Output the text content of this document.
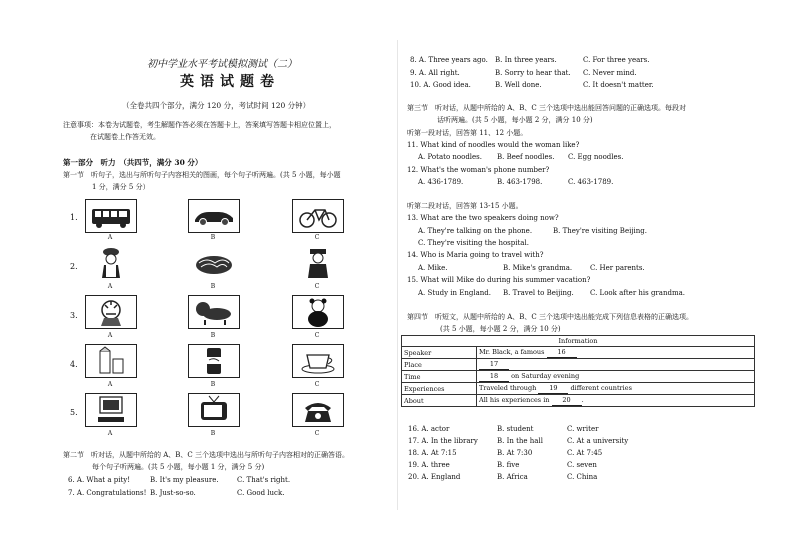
初中学业水平考试模拟测试（二）
英语试题卷
（全卷共四个部分，满分 120 分，考试时间 120 分钟）
注意事项：本卷为试题卷，考生解题作答必须在答题卡上，答案填写答题卡相应位置上，
在试题卷上作答无效。
第一部分　听力　（共四节，满分 30 分）
第一节　听句子，选出与所听句子内容相关的图画，每个句子听两遍。(共 5 小题，每小题
1 分，满分 5 分）
1.
A	B	C
2.
A	B	C
3.
A	B	C
4.
A	B	C
5.
A	B	C
第二节　听对话，从题中所给的 A、B、C 三个选项中选出与所听句子内容相对的正确答语。
每个句子听两遍。(共 5 小题，每小题 1 分，满分 5 分)
6. A. What a pity!	B. It's my pleasure.	C. That's right.
7. A. Congratulations! B. Just-so-so.	C. Good luck.
8. A. Three years ago. B. In three years.	C. For three years.
9. A. All right.	B. Sorry to hear that. C. Never mind.
10. A. Good idea.	B. Well done.	C. It doesn't matter.
第三节　听对话，从题中所给的 A、B、C 三个选项中选出能回答问题的正确选项。每段对
话听两遍。(共 5 小题，每小题 2 分，满分 10 分)
听第一段对话，回答第 11、12 小题。
11. What kind of noodles would the woman like?
A. Potato noodles. B. Beef noodles. C. Egg noodles.
12. What's the woman's phone number?
A. 436-1789.	B. 463-1798.	C. 463-1789.
听第二段对话，回答第 13-15 小题。
13. What are the two speakers doing now?
A. They're talking on the phone.	B. They're visiting Beijing.
C. They're visiting the hospital.
14. Who is Maria going to travel with?
A. Mike.	B. Mike's grandma.	C. Her parents.
15. What will Mike do during his summer vacation?
A. Study in England. B. Travel to Beijing. C. Look after his grandma.
第四节　听短文，从题中所给的 A、B、C 三个选项中选出能完成下列信息表格的正确选项。
(共 5 小题，每小题 2 分，满分 10 分)
Information	
Speaker	Mr. Black, a famous 16
Place	17
Time	18 on Saturday evening
Experiences	Traveled through 19 different countries
About	All his experiences in 20 .
16. A. actor	B. student	C. writer
17. A. In the library	B. In the hall	C. At a university
18. A. At 7:15	B. At 7:30	C. At 7:45
19. A. three	B. five	C. seven
20. A. England	B. Africa	C. China
